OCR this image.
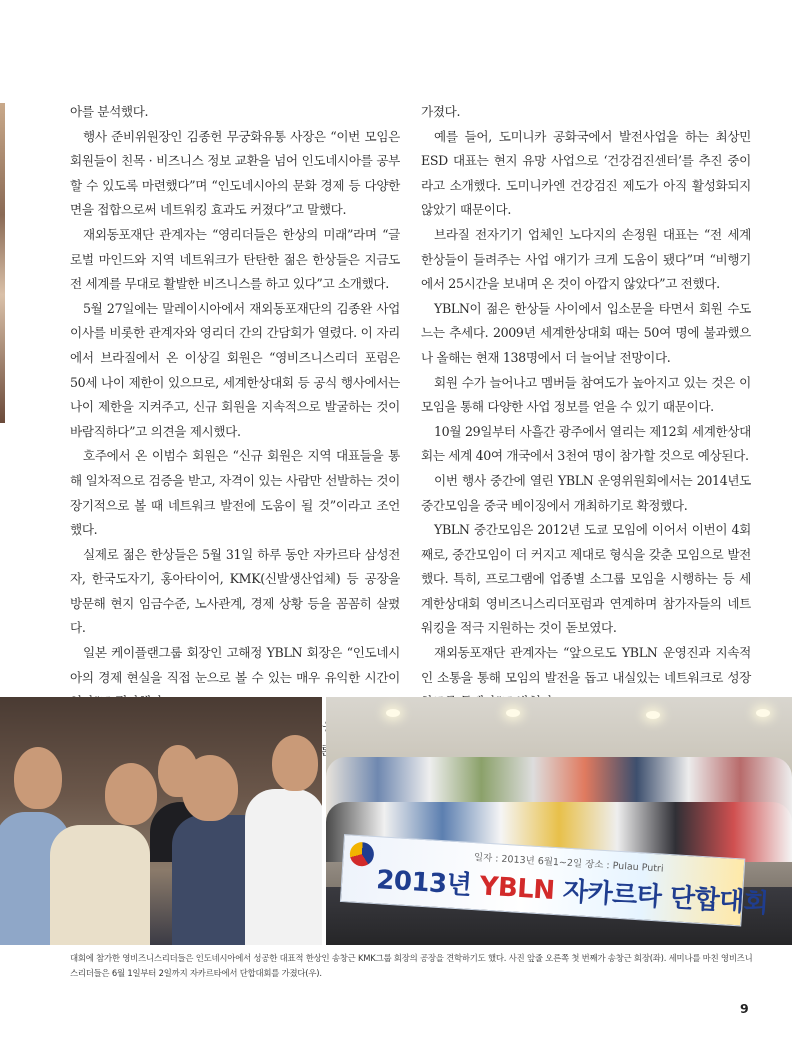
아를 분석했다.

행사 준비위원장인 김종헌 무궁화유통 사장은 “이번 모임은 회원들이 친목 · 비즈니스 정보 교환을 넘어 인도네시아를 공부할 수 있도록 마련했다”며 “인도네시아의 문화 경제 등 다양한 면을 접합으로써 네트워킹 효과도 커졌다”고 말했다.

재외동포재단 관계자는 “영리더들은 한상의 미래”라며 “글로벌 마인드와 지역 네트워크가 탄탄한 젊은 한상들은 지금도 전 세계를 무대로 활발한 비즈니스를 하고 있다”고 소개했다.

5월 27일에는 말레이시아에서 재외동포재단의 김종완 사업이사를 비롯한 관계자와 영리더 간의 간담회가 열렸다. 이 자리에서 브라질에서 온 이상길 회원은 “영비즈니스리더 포럼은 50세 나이 제한이 있으므로, 세계한상대회 등 공식 행사에서는 나이 제한을 지켜주고, 신규 회원을 지속적으로 발굴하는 것이 바람직하다”고 의견을 제시했다.

호주에서 온 이범수 회원은 “신규 회원은 지역 대표들을 통해 일차적으로 검증을 받고, 자격이 있는 사람만 선발하는 것이 장기적으로 볼 때 네트워크 발전에 도움이 될 것”이라고 조언했다.

실제로 젊은 한상들은 5월 31일 하루 동안 자카르타 삼성전자, 한국도자기, 홍아타이어, KMK(신발생산업체) 등 공장을 방문해 현지 임금수준, 노사관계, 경제 상황 등을 꼼꼼히 살폈다.

일본 케이플랜그룹 회장인 고해정 YBLN 회장은 “인도네시아의 경제 현실을 직접 눈으로 볼 수 있는 매우 유익한 시간이

금융

가졌다.

예를 들어, 도미니카 공화국에서 발전사업을 하는 최상민 ESD 대표는 현지 유망 사업으로 ‘건강검진센터’를 추진 중이라고 소개했다. 도미니카엔 건강검진 제도가 아직 활성화되지 않았기 때문이다.

브라질 전자기기 업체인 노다지의 손정원 대표는 “전 세계 한상들이 들려주는 사업 얘기가 크게 도움이 됐다”며 “비행기에서 25시간을 보내며 온 것이 아깝지 않았다”고 전했다.

YBLN이 젊은 한상들 사이에서 입소문을 타면서 회원 수도 느는 추세다. 2009년 세계한상대회 때는 50여 명에 불과했으나 올해는 현재 138명에서 더 늘어날 전망이다.

회원 수가 늘어나고 멤버들 참여도가 높아지고 있는 것은 이 모임을 통해 다양한 사업 정보를 얻을 수 있기 때문이다.

10월 29일부터 사흘간 광주에서 열리는 제12회 세계한상대회는 세계 40여 개국에서 3천여 명이 참가할 것으로 예상된다.

이번 행사 중간에 열린 YBLN 운영위원회에서는 2014년도 중간모임을 중국 베이징에서 개최하기로 확정했다.

YBLN 중간모임은 2012년 도쿄 모임에 이어서 이번이 4회째로, 중간모임이 더 커지고 제대로 형식을 갖춘 모임으로 발전했다. 특히, 프로그램에 업종별 소그룹 모임을 시행하는 등 세계한상대회 영비즈니스리더포럼과 연계하며 참가자들의 네트워킹을 적극 지원하는 것이 돋보였다.

재외동포재단 관계자는 “앞으로도 YBLN 운영진과 지속적인 소통을 통해 모임의 발전을 돕고 내실있는 네트워크로 성장

일자 : 2013년 6월1~2일 장소 : Pulau Putri
2013년 YBLN 자카르타 단합대회
대회에 참가한 영비즈니스리더들은 인도네시아에서 성공한 대표적 한상인 송창근 KMK그룹 회장의 공장을 견학하기도 했다. 사진 앞줄 오른쪽 첫 번째가 송창근 회장(좌). 세미나를 마친 영비즈니스리더들은 6월 1일부터 2일까지 자카르타에서 단합대회를 가졌다(우).
9
